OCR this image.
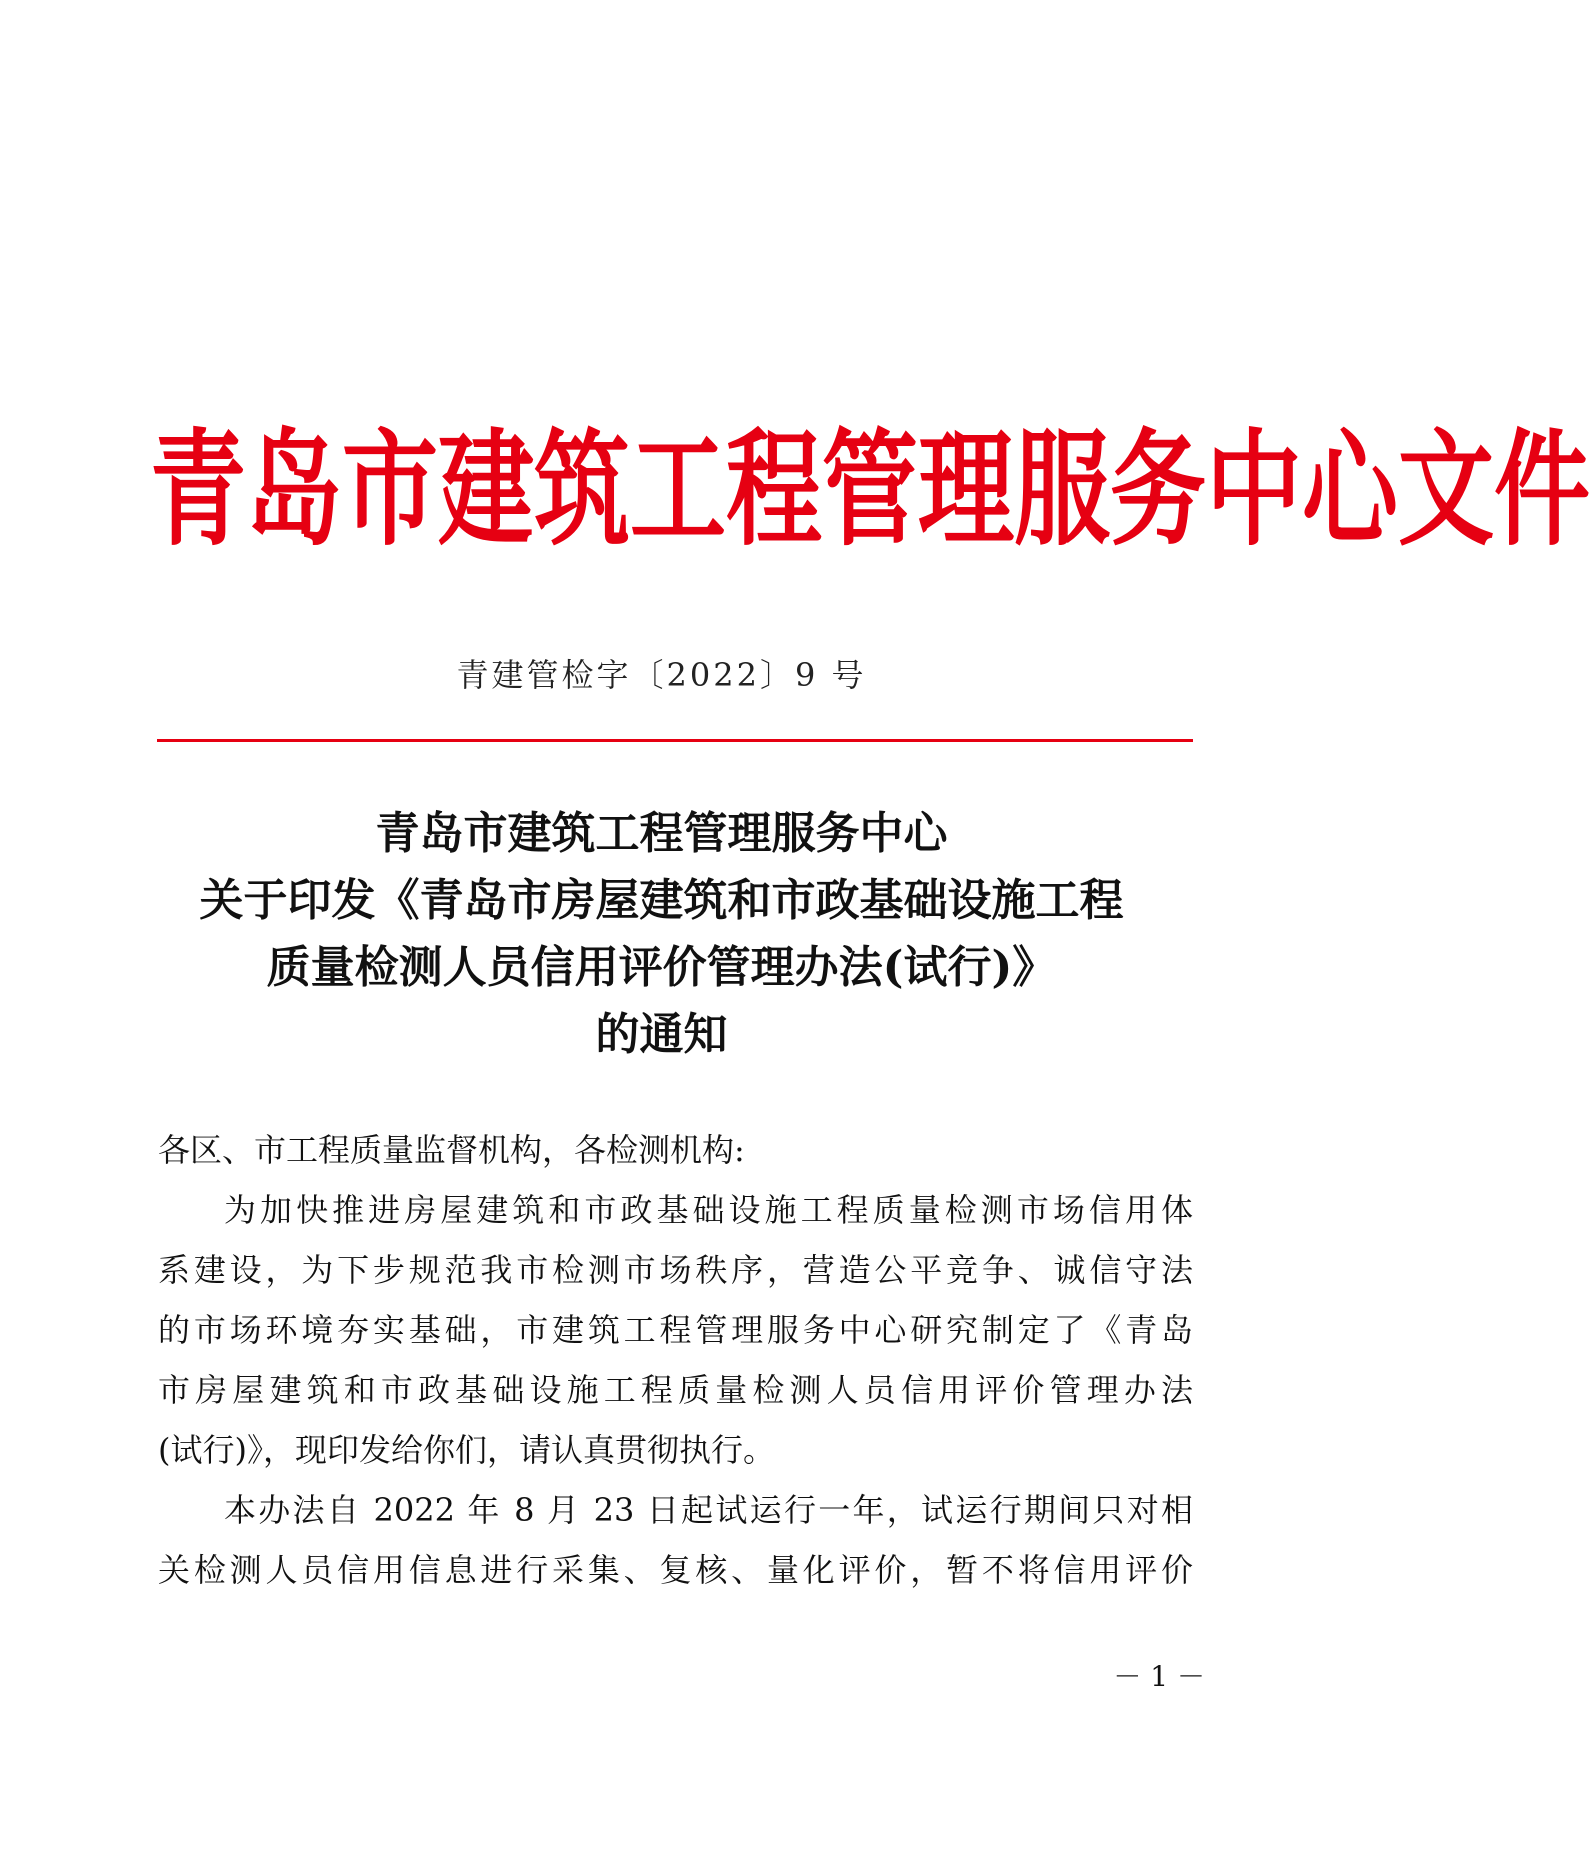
青 岛 市 建 筑 工 程 管 理 服 务 中 心 文 件
青建管检字〔2022〕9 号
青岛市建筑工程管理服务中心
关于印发《青岛市房屋建筑和市政基础设施工程
质量检测人员信用评价管理办法(试行)》
的通知
各区、市工程质量监督机构，各检测机构:
为加快推进房屋建筑和市政基础设施工程质量检测市场信用体
系建设，为下步规范我市检测市场秩序，营造公平竞争、诚信守法
的市场环境夯实基础，市建筑工程管理服务中心研究制定了《青岛
市房屋建筑和市政基础设施工程质量检测人员信用评价管理办法
(试行)》，现印发给你们，请认真贯彻执行。
本办法自 2022 年 8 月 23 日起试运行一年，试运行期间只对相
关检测人员信用信息进行采集、复核、量化评价，暂不将信用评价
－ 1 －
